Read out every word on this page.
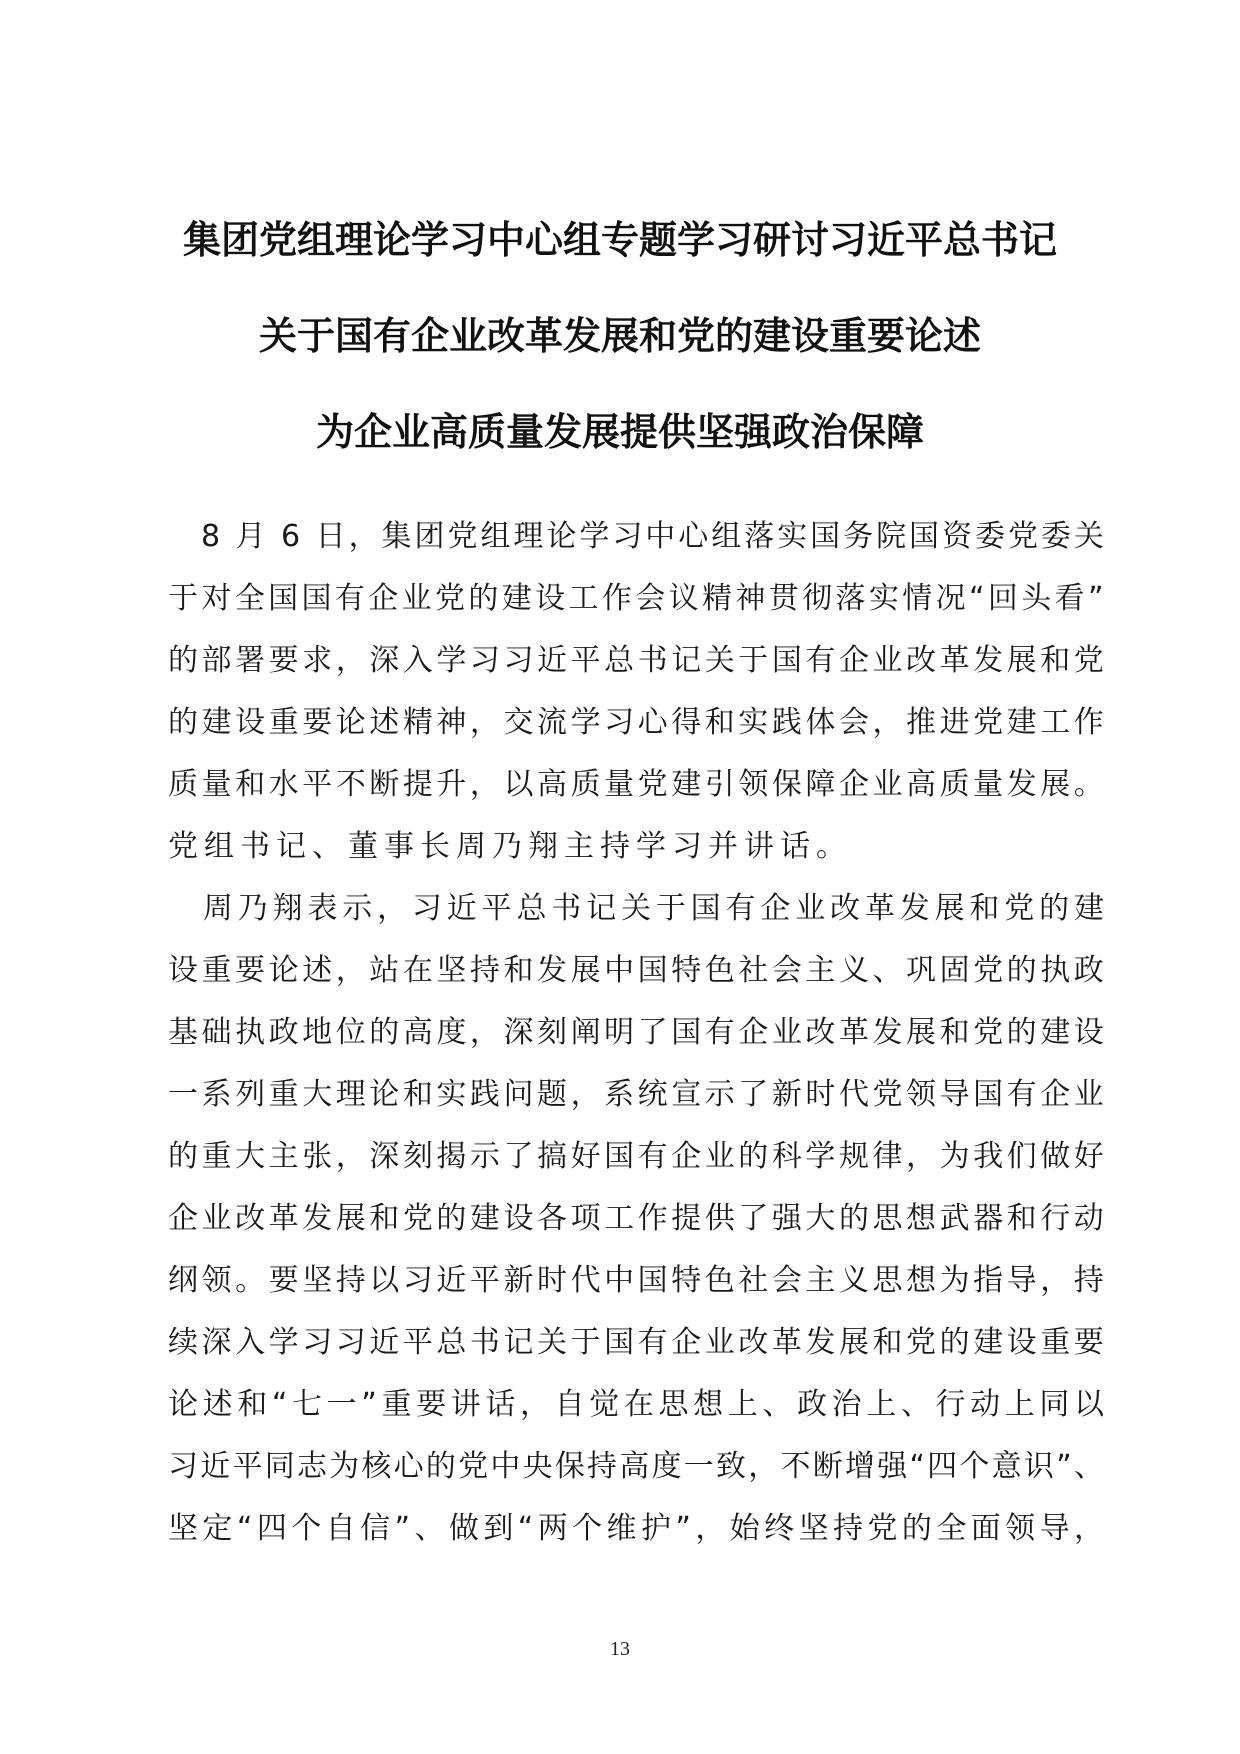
集团党组理论学习中心组专题学习研讨习近平总书记
关于国有企业改革发展和党的建设重要论述
为企业高质量发展提供坚强政治保障

8
月
6
日 ， 集 团 党 组 理 论 学 习 中 心 组 落 实 国 务 院 国 资 委 党 委 关
于 对 全 国 国 有 企 业 党 的 建 设 工 作 会 议 精 神 贯 彻 落 实 情 况 “ 回 头 看 ”
的 部 署 要 求 ， 深 入 学 习 习 近 平 总 书 记 关 于 国 有 企 业 改 革 发 展 和 党
的 建 设 重 要 论 述 精 神 ， 交 流 学 习 心 得 和 实 践 体 会 ， 推 进 党 建 工 作
质 量 和 水 平 不 断 提 升 ， 以 高 质 量 党 建 引 领 保 障 企 业 高 质 量 发 展 。
党组书记、董事长周乃翔主持学习并讲话。

周 乃 翔 表 示 ， 习 近 平 总 书 记 关 于 国 有 企 业 改 革 发 展 和 党 的 建
设 重 要 论 述 ， 站 在 坚 持 和 发 展 中 国 特 色 社 会 主 义 、 巩 固 党 的 执 政
基 础 执 政 地 位 的 高 度 ， 深 刻 阐 明 了 国 有 企 业 改 革 发 展 和 党 的 建 设
一 系 列 重 大 理 论 和 实 践 问 题 ， 系 统 宣 示 了 新 时 代 党 领 导 国 有 企 业
的 重 大 主 张 ， 深 刻 揭 示 了 搞 好 国 有 企 业 的 科 学 规 律 ， 为 我 们 做 好
企 业 改 革 发 展 和 党 的 建 设 各 项 工 作 提 供 了 强 大 的 思 想 武 器 和 行 动
纲 领 。 要 坚 持 以 习 近 平 新 时 代 中 国 特 色 社 会 主 义 思 想 为 指 导 ， 持
续 深 入 学 习 习 近 平 总 书 记 关 于 国 有 企 业 改 革 发 展 和 党 的 建 设 重 要
论 述 和 “ 七 一 ” 重 要 讲 话 ， 自 觉 在 思 想 上 、 政 治 上 、 行 动 上 同 以
习 近 平 同 志 为 核 心 的 党 中 央 保 持 高 度 一 致 ， 不 断 增 强 “ 四 个 意 识 ” 、
坚 定 “ 四 个 自 信 ” 、 做 到 “ 两 个 维 护 ” ， 始 终 坚 持 党 的 全 面 领 导 ，
13
